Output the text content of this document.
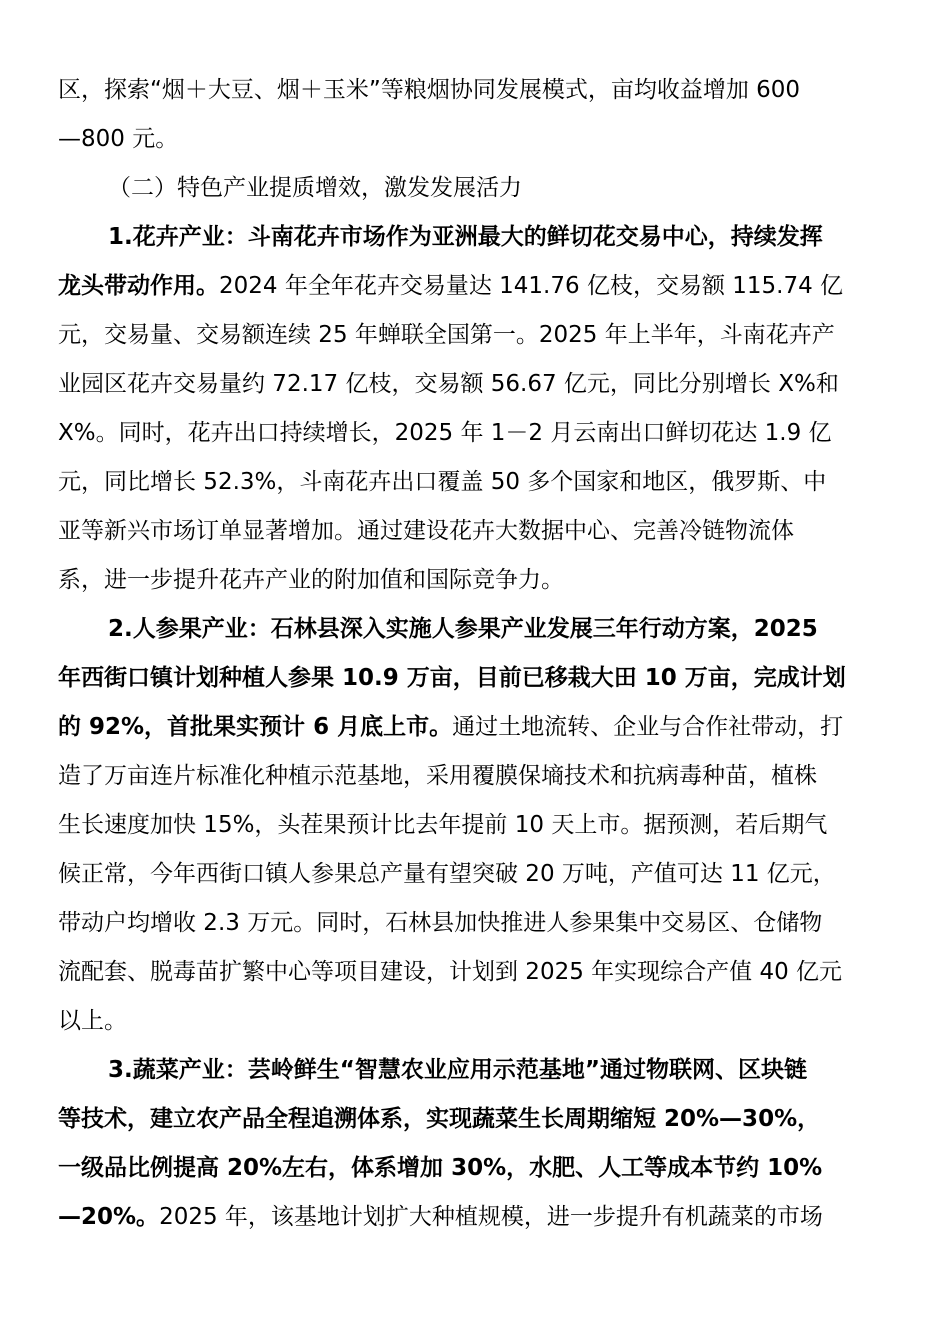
区，探索“烟＋大豆、烟＋玉米”等粮烟协同发展模式，亩均收益增加 600
—800 元。
（二）特色产业提质增效，激发发展活力
1.花卉产业：斗南花卉市场作为亚洲最大的鲜切花交易中心，持续发挥
龙头带动作用。2024 年全年花卉交易量达 141.76 亿枝，交易额 115.74 亿
元，交易量、交易额连续 25 年蝉联全国第一。2025 年上半年，斗南花卉产
业园区花卉交易量约 72.17 亿枝，交易额 56.67 亿元，同比分别增长 X%和
X%。同时，花卉出口持续增长，2025 年 1－2 月云南出口鲜切花达 1.9 亿
元，同比增长 52.3%，斗南花卉出口覆盖 50 多个国家和地区，俄罗斯、中
亚等新兴市场订单显著增加。通过建设花卉大数据中心、完善冷链物流体
系，进一步提升花卉产业的附加值和国际竞争力。
2.人参果产业：石林县深入实施人参果产业发展三年行动方案，2025
年西街口镇计划种植人参果 10.9 万亩，目前已移栽大田 10 万亩，完成计划
的 92%，首批果实预计 6 月底上市。通过土地流转、企业与合作社带动，打
造了万亩连片标准化种植示范基地，采用覆膜保墒技术和抗病毒种苗，植株
生长速度加快 15%，头茬果预计比去年提前 10 天上市。据预测，若后期气
候正常，今年西街口镇人参果总产量有望突破 20 万吨，产值可达 11 亿元，
带动户均增收 2.3 万元。同时，石林县加快推进人参果集中交易区、仓储物
流配套、脱毒苗扩繁中心等项目建设，计划到 2025 年实现综合产值 40 亿元
以上。
3.蔬菜产业：芸岭鲜生“智慧农业应用示范基地”通过物联网、区块链
等技术，建立农产品全程追溯体系，实现蔬菜生长周期缩短 20%—30%，
一级品比例提高 20%左右，体系增加 30%，水肥、人工等成本节约 10%
—20%。2025 年，该基地计划扩大种植规模，进一步提升有机蔬菜的市场
